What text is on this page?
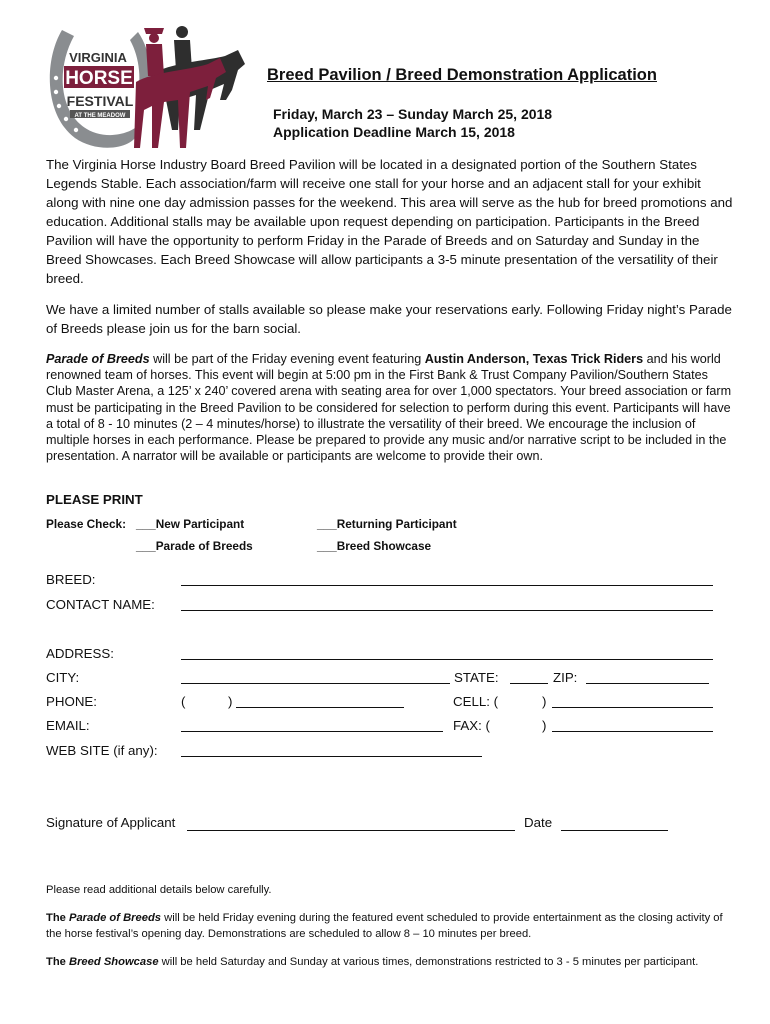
VIRGINIA
HORSE
FESTIVAL
AT THE MEADOW
Breed Pavilion / Breed Demonstration Application
Friday, March 23 – Sunday March 25, 2018
Application Deadline March 15, 2018

The Virginia Horse Industry Board Breed Pavilion will be located in a designated portion of the Southern States Legends Stable. Each association/farm will receive one stall for your horse and an adjacent stall for your exhibit along with nine one day admission passes for the weekend. This area will serve as the hub for breed promotions and education. Additional stalls may be available upon request depending on participation. Participants in the Breed Pavilion will have the opportunity to perform Friday in the Parade of Breeds and on Saturday and Sunday in the Breed Showcases. Each Breed Showcase will allow participants a 3-5 minute presentation of the versatility of their breed.

We have a limited number of stalls available so please make your reservations early. Following Friday night’s Parade of Breeds please join us for the barn social.

Parade of Breeds will be part of the Friday evening event featuring Austin Anderson, Texas Trick Riders and his world renowned team of horses. This event will begin at 5:00 pm in the First Bank & Trust Company Pavilion/Southern States Club Master Arena, a 125’ x 240’ covered arena with seating area for over 1,000 spectators. Your breed association or farm must be participating in the Breed Pavilion to be considered for selection to perform during this event. Participants will have a total of 8 - 10 minutes (2 – 4 minutes/horse) to illustrate the versatility of their breed. We encourage the inclusion of multiple horses in each performance. Please be prepared to provide any music and/or narrative script to be included in the presentation. A narrator will be available or participants are welcome to provide their own.

PLEASE PRINT
Please Check: ___New Participant	___Returning Participant
___Parade of Breeds	___Breed Showcase
BREED:
CONTACT NAME:
ADDRESS:
CITY:	STATE:	ZIP:
PHONE:	(	)	CELL: (	)
EMAIL:	FAX: (	)
WEB SITE (if any):
Signature of Applicant	Date

Please read additional details below carefully.

The Parade of Breeds will be held Friday evening during the featured event scheduled to provide entertainment as the closing activity of the horse festival’s opening day. Demonstrations are scheduled to allow 8 – 10 minutes per breed.

The Breed Showcase will be held Saturday and Sunday at various times, demonstrations restricted to 3 - 5 minutes per participant.
